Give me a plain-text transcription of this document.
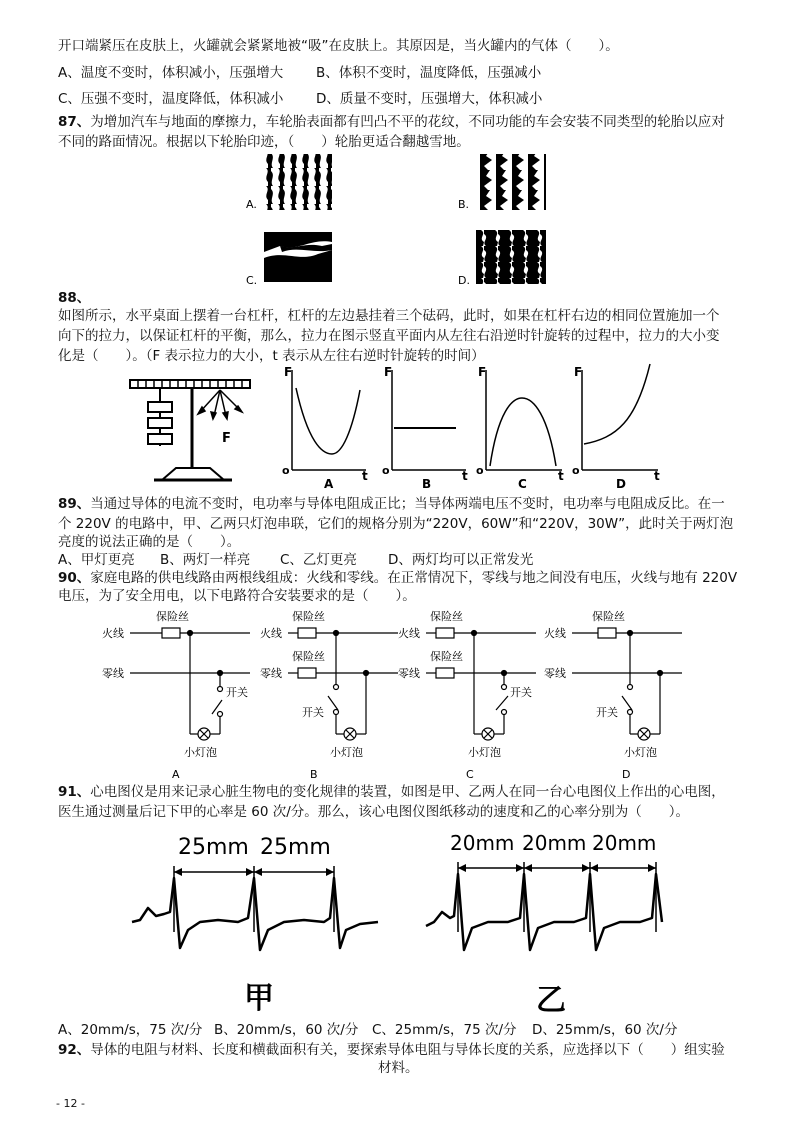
开口端紧压在皮肤上，火罐就会紧紧地被“吸”在皮肤上。其原因是，当火罐内的气体（　　）。
A、温度不变时，体积减小，压强增大 B、体积不变时，温度降低，压强减小
C、压强不变时，温度降低，体积减小 D、质量不变时，压强增大，体积减小
87、为增加汽车与地面的摩擦力，车轮胎表面都有凹凸不平的花纹，不同功能的车会安装不同类型的轮胎以应对
不同的路面情况。根据以下轮胎印迹，（　　）轮胎更适合翻越雪地。
A.	B.
C.	D.
88、
如图所示，水平桌面上摆着一台杠杆，杠杆的左边悬挂着三个砝码，此时，如果在杠杆右边的相同位置施加一个
向下的拉力，以保证杠杆的平衡，那么，拉力在图示竖直平面内从左往右沿逆时针旋转的过程中，拉力的大小变
化是（　　）。（F 表示拉力的大小，t 表示从左往右逆时针旋转的时间）
F
F
t
o
A
F
t
o
B
F
t
o
C
F
t
o
D
89、当通过导体的电流不变时，电功率与导体电阻成正比；当导体两端电压不变时，电功率与电阻成反比。在一
个 220V 的电路中，甲、乙两只灯泡串联，它们的规格分别为“220V，60W”和“220V，30W”，此时关于两灯泡
亮度的说法正确的是（　　）。
A、甲灯更亮 B、两灯一样亮 C、乙灯更亮 D、两灯均可以正常发光
90、家庭电路的供电线路由两根线组成：火线和零线。在正常情况下，零线与地之间没有电压，火线与地有 220V
电压，为了安全用电，以下电路符合安装要求的是（　　）。
火线
零线
保险丝
开关
小灯泡
A
火线
零线
保险丝
保险丝
开关
小灯泡
B
火线
零线
保险丝
保险丝
开关
小灯泡
C
火线
零线
保险丝
开关
小灯泡
D
91、心电图仪是用来记录心脏生物电的变化规律的装置，如图是甲、乙两人在同一台心电图仪上作出的心电图，
医生通过测量后记下甲的心率是 60 次/分。那么，该心电图仪图纸移动的速度和乙的心率分别为（　　）。
25mm 25mm
甲
20mm 20mm 20mm
乙
A、20mm/s，75 次/分 B、20mm/s，60 次/分 C、25mm/s，75 次/分 D、25mm/s，60 次/分
92、导体的电阻与材料、长度和横截面积有关，要探索导体电阻与导体长度的关系，应选择以下（　　）组实验
材料。
- 12 -
